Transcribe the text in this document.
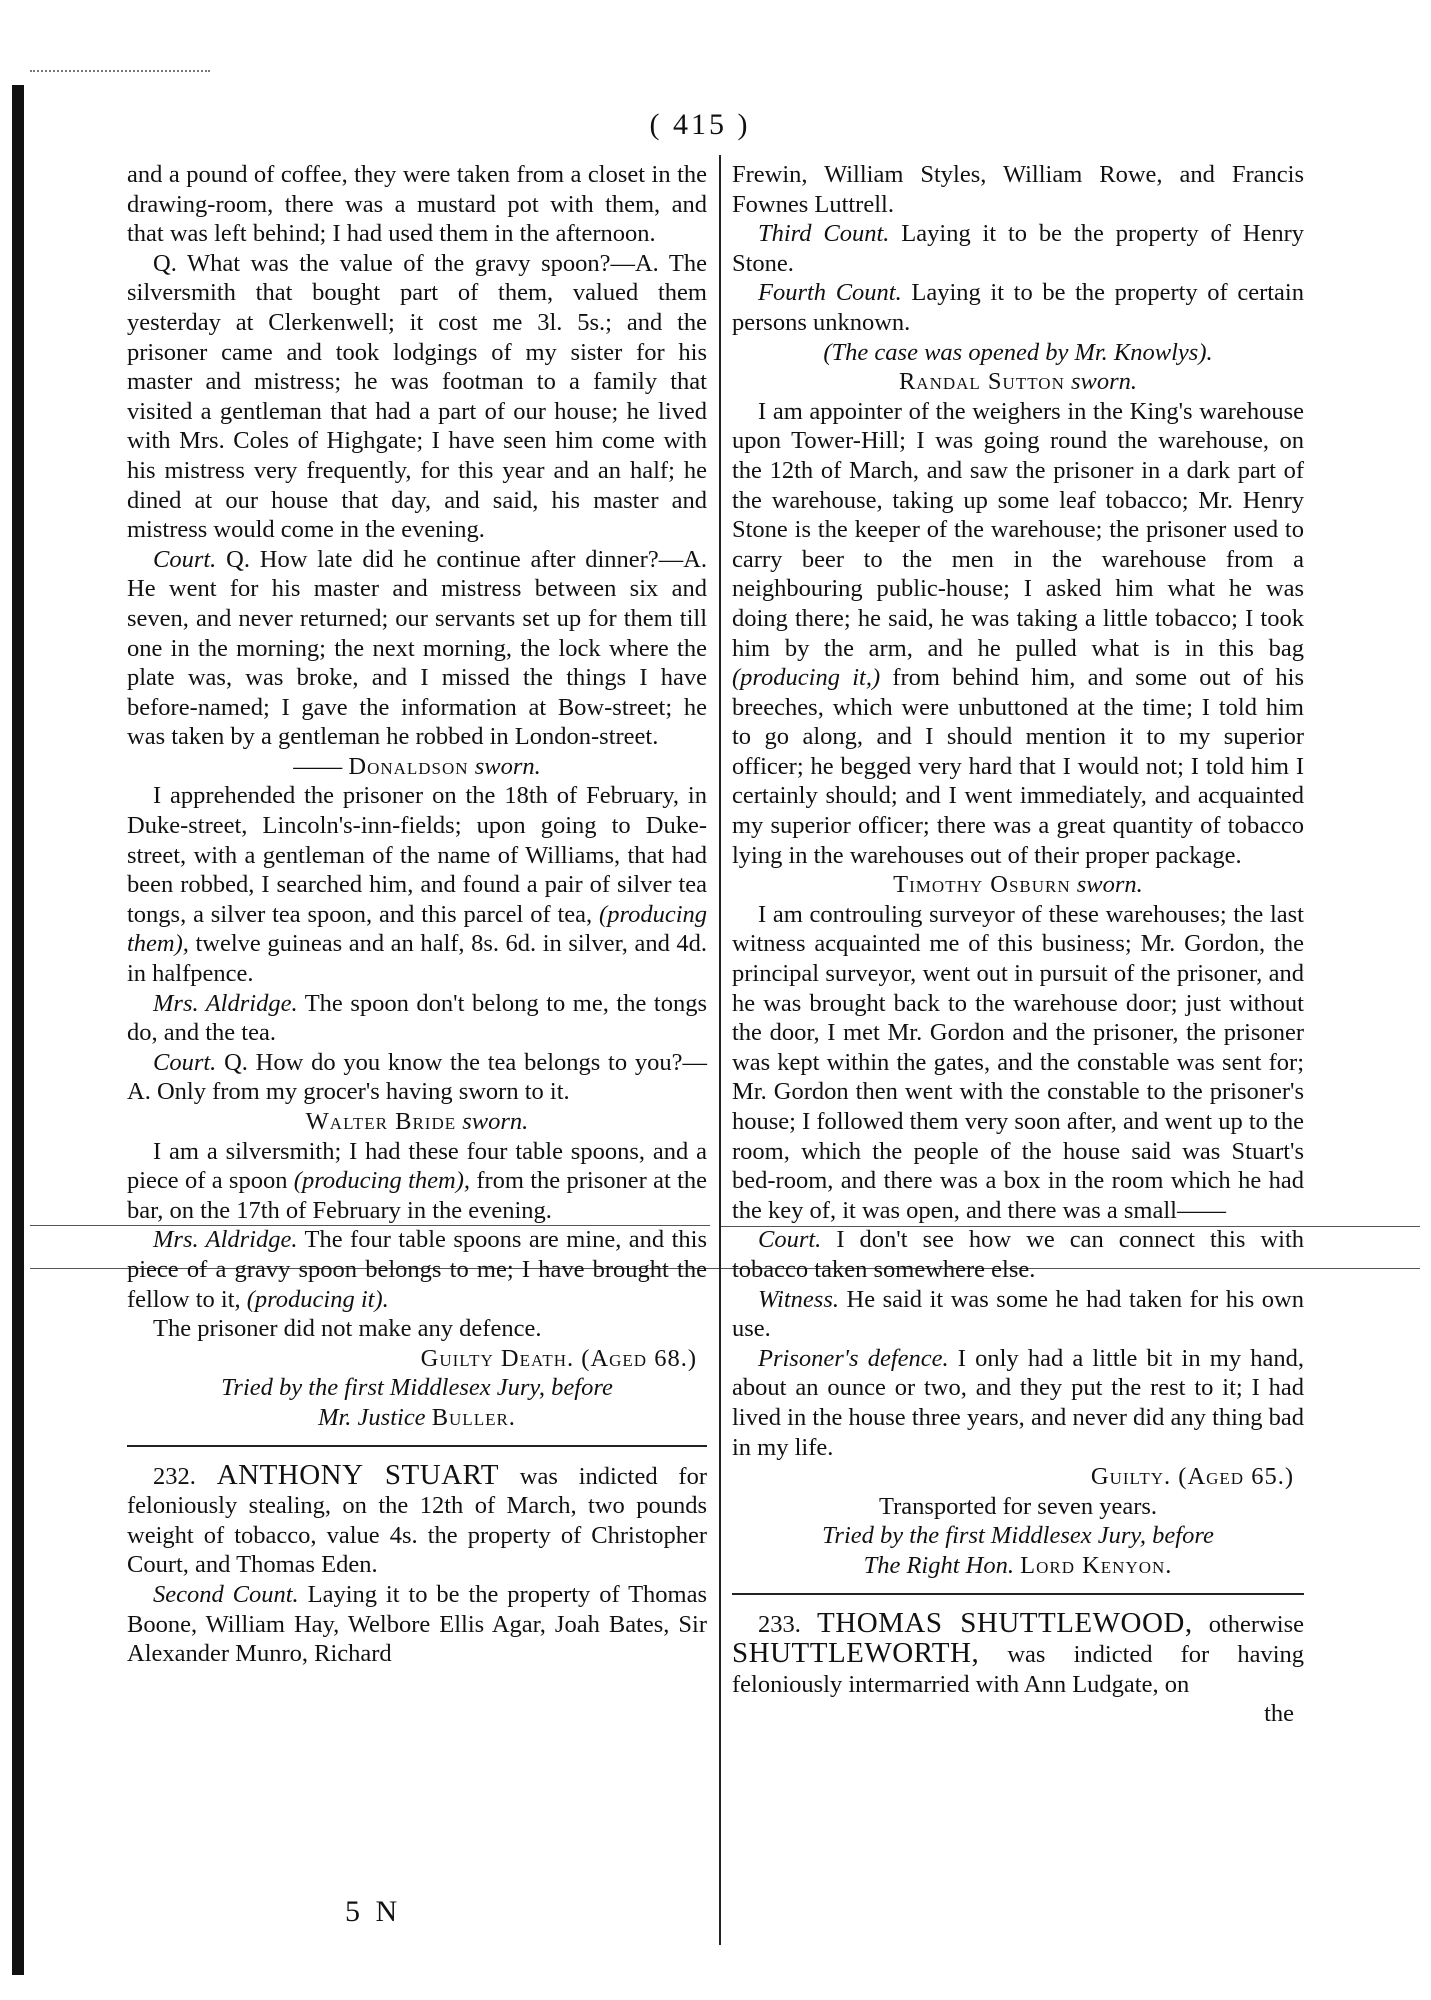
( 415 )

and a pound of coffee, they were taken from a closet in the drawing-room, there was a mustard pot with them, and that was left behind; I had used them in the afternoon.

Q. What was the value of the gravy spoon?—A. The silversmith that bought part of them, valued them yesterday at Clerkenwell; it cost me 3l. 5s.; and the prisoner came and took lodgings of my sister for his master and mistress; he was footman to a family that visited a gentleman that had a part of our house; he lived with Mrs. Coles of Highgate; I have seen him come with his mistress very frequently, for this year and an half; he dined at our house that day, and said, his master and mistress would come in the evening.

Court. Q. How late did he continue after dinner?—A. He went for his master and mistress between six and seven, and never returned; our servants set up for them till one in the morning; the next morning, the lock where the plate was, was broke, and I missed the things I have before-named; I gave the information at Bow-street; he was taken by a gentleman he robbed in London-street.

—— Donaldson sworn.

I apprehended the prisoner on the 18th of February, in Duke-street, Lincoln's-inn-fields; upon going to Duke-street, with a gentleman of the name of Williams, that had been robbed, I searched him, and found a pair of silver tea tongs, a silver tea spoon, and this parcel of tea, (producing them), twelve guineas and an half, 8s. 6d. in silver, and 4d. in halfpence.

Mrs. Aldridge. The spoon don't belong to me, the tongs do, and the tea.

Court. Q. How do you know the tea belongs to you?—A. Only from my grocer's having sworn to it.

Walter Bride sworn.

I am a silversmith; I had these four table spoons, and a piece of a spoon (producing them), from the prisoner at the bar, on the 17th of February in the evening.

Mrs. Aldridge. The four table spoons are mine, and this piece of a gravy spoon belongs to me; I have brought the fellow to it, (producing it).

The prisoner did not make any defence.

Guilty Death. (Aged 68.)

Tried by the first Middlesex Jury, before

Mr. Justice Buller.

232. ANTHONY STUART was indicted for feloniously stealing, on the 12th of March, two pounds weight of tobacco, value 4s. the property of Christopher Court, and Thomas Eden.

Second Count. Laying it to be the property of Thomas Boone, William Hay, Welbore Ellis Agar, Joah Bates, Sir Alexander Munro, Richard

Frewin, William Styles, William Rowe, and Francis Fownes Luttrell.

Third Count. Laying it to be the property of Henry Stone.

Fourth Count. Laying it to be the property of certain persons unknown.

(The case was opened by Mr. Knowlys).

Randal Sutton sworn.

I am appointer of the weighers in the King's warehouse upon Tower-Hill; I was going round the warehouse, on the 12th of March, and saw the prisoner in a dark part of the warehouse, taking up some leaf tobacco; Mr. Henry Stone is the keeper of the warehouse; the prisoner used to carry beer to the men in the warehouse from a neighbouring public-house; I asked him what he was doing there; he said, he was taking a little tobacco; I took him by the arm, and he pulled what is in this bag (producing it,) from behind him, and some out of his breeches, which were unbuttoned at the time; I told him to go along, and I should mention it to my superior officer; he begged very hard that I would not; I told him I certainly should; and I went immediately, and acquainted my superior officer; there was a great quantity of tobacco lying in the warehouses out of their proper package.

Timothy Osburn sworn.

I am controuling surveyor of these warehouses; the last witness acquainted me of this business; Mr. Gordon, the principal surveyor, went out in pursuit of the prisoner, and he was brought back to the warehouse door; just without the door, I met Mr. Gordon and the prisoner, the prisoner was kept within the gates, and the constable was sent for; Mr. Gordon then went with the constable to the prisoner's house; I followed them very soon after, and went up to the room, which the people of the house said was Stuart's bed-room, and there was a box in the room which he had the key of, it was open, and there was a small——

Court. I don't see how we can connect this with tobacco taken somewhere else.

Witness. He said it was some he had taken for his own use.

Prisoner's defence. I only had a little bit in my hand, about an ounce or two, and they put the rest to it; I had lived in the house three years, and never did any thing bad in my life.

Guilty. (Aged 65.)

Transported for seven years.

Tried by the first Middlesex Jury, before

The Right Hon. Lord Kenyon.

233. THOMAS SHUTTLEWOOD, otherwise SHUTTLEWORTH, was indicted for having feloniously intermarried with Ann Ludgate, on

the

5 N
